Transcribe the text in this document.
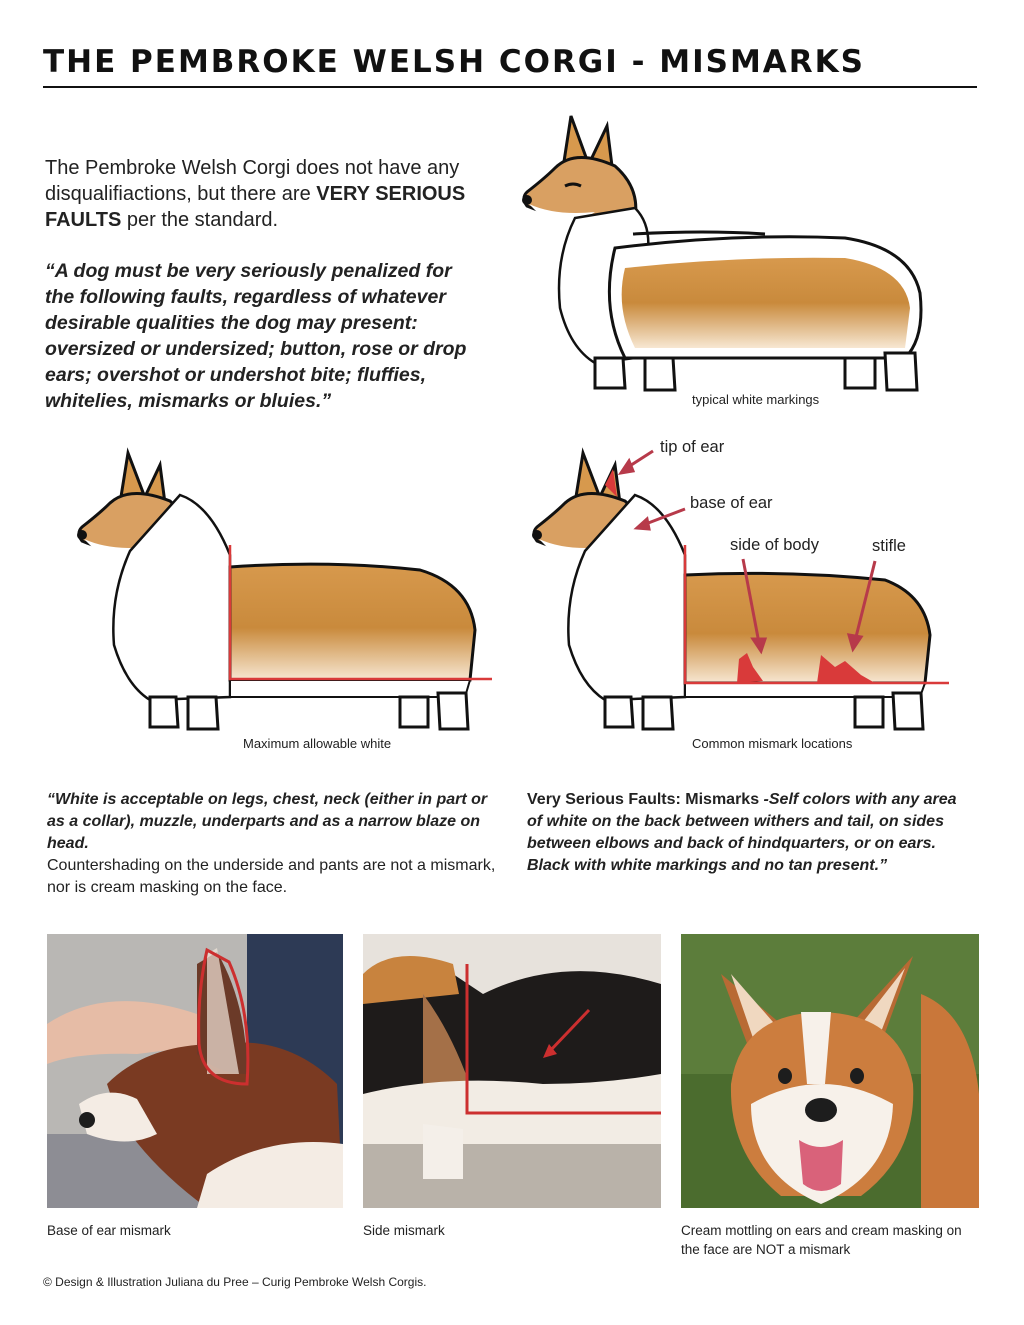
THE PEMBROKE WELSH CORGI - MISMARKS

The Pembroke Welsh Corgi does not have any disqualifiactions, but there are VERY SERIOUS FAULTS per the standard.

“A dog must be very seriously penalized for the following faults, regardless of whatever desirable qualities the dog may present: oversized or undersized; button, rose or drop ears; overshot or undershot bite; fluffies, whitelies, mismarks or bluies.”	typical white markings
Maximum allowable white
tip of ear
base of ear
side of body	stifle
Common mismark locations
“White is acceptable on legs, chest, neck (either in part or as a collar), muzzle, underparts and as a narrow blaze on head.
Countershading on the underside and pants are not a mismark, nor is cream masking on the face.
Very Serious Faults: Mismarks -Self colors with any area of white on the back between withers and tail, on sides between elbows and back of hindquarters, or on ears. Black with white markings and no tan present.”
Base of ear mismark	Side mismark	Cream mottling on ears and cream masking on the face are NOT a mismark
© Design & Illustration Juliana du Pree – Curig Pembroke Welsh Corgis.
